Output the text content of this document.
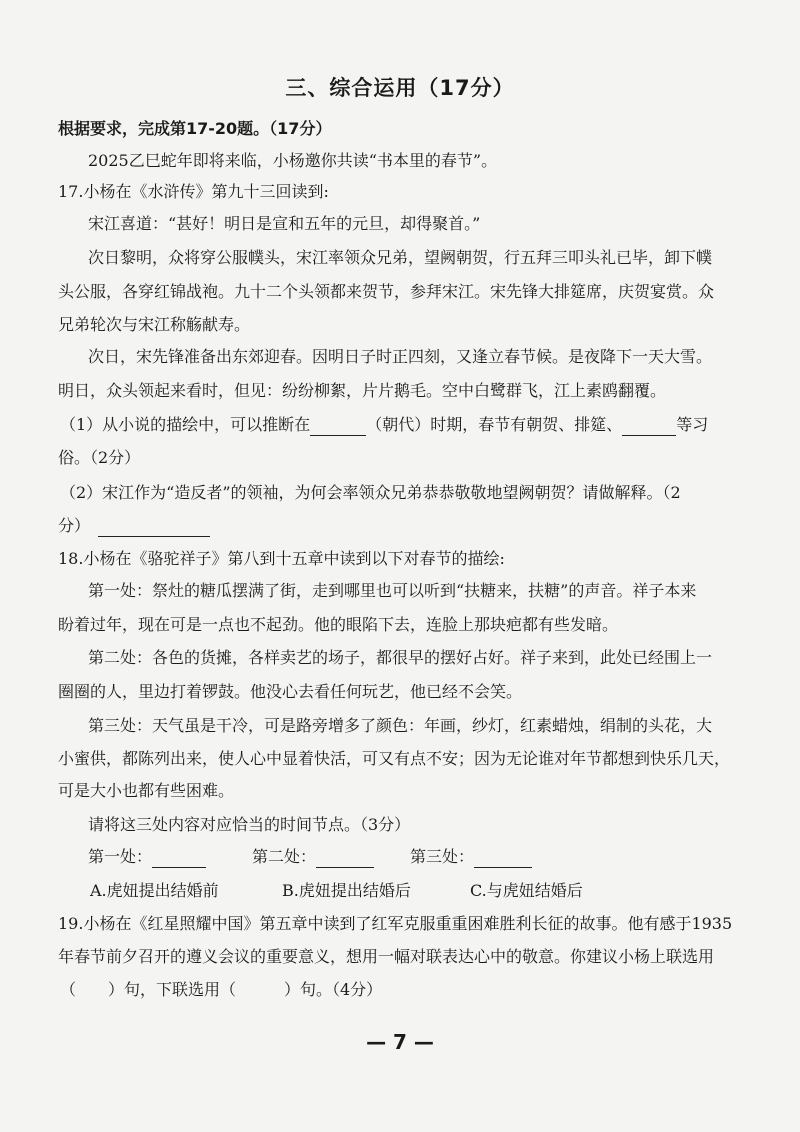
三、综合运用（17分）
根据要求，完成第17-20题。（17分）
2025乙巳蛇年即将来临，小杨邀你共读“书本里的春节”。
17.小杨在《水浒传》第九十三回读到:
宋江喜道：“甚好！明日是宣和五年的元旦，却得聚首。”
次日黎明，众将穿公服幞头，宋江率领众兄弟，望阙朝贺，行五拜三叩头礼已毕，卸下幞
头公服，各穿红锦战袍。九十二个头领都来贺节，参拜宋江。宋先锋大排筵席，庆贺宴赏。众
兄弟轮次与宋江称觞献寿。
次日，宋先锋准备出东郊迎春。因明日子时正四刻，又逢立春节候。是夜降下一天大雪。
明日，众头领起来看时，但见：纷纷柳絮，片片鹅毛。空中白鹭群飞，江上素鸥翻覆。
（1）从小说的描绘中，可以推断在	（朝代）时期，春节有朝贺、排筵、	等习
俗。（2分）
（2）宋江作为“造反者”的领袖，为何会率领众兄弟恭恭敬敬地望阙朝贺？请做解释。（2
分）
18.小杨在《骆驼祥子》第八到十五章中读到以下对春节的描绘:
第一处：祭灶的糖瓜摆满了街，走到哪里也可以听到“扶糖来，扶糖”的声音。祥子本来
盼着过年，现在可是一点也不起劲。他的眼陷下去，连脸上那块疤都有些发暗。
第二处：各色的货摊，各样卖艺的场子，都很早的摆好占好。祥子来到，此处已经围上一
圈圈的人，里边打着锣鼓。他没心去看任何玩艺，他已经不会笑。
第三处：天气虽是干冷，可是路旁增多了颜色：年画，纱灯，红素蜡烛，绢制的头花，大
小蜜供，都陈列出来，使人心中显着快活，可又有点不安；因为无论谁对年节都想到快乐几天，
可是大小也都有些困难。
请将这三处内容对应恰当的时间节点。（3分）
第一处：	第二处：	第三处：
A.虎妞提出结婚前	B.虎妞提出结婚后	C.与虎妞结婚后
19.小杨在《红星照耀中国》第五章中读到了红军克服重重困难胜利长征的故事。他有感于1935
年春节前夕召开的遵义会议的重要意义，想用一幅对联表达心中的敬意。你建议小杨上联选用
（　　）句，下联选用（　　　）句。（4分）
— 7 —
